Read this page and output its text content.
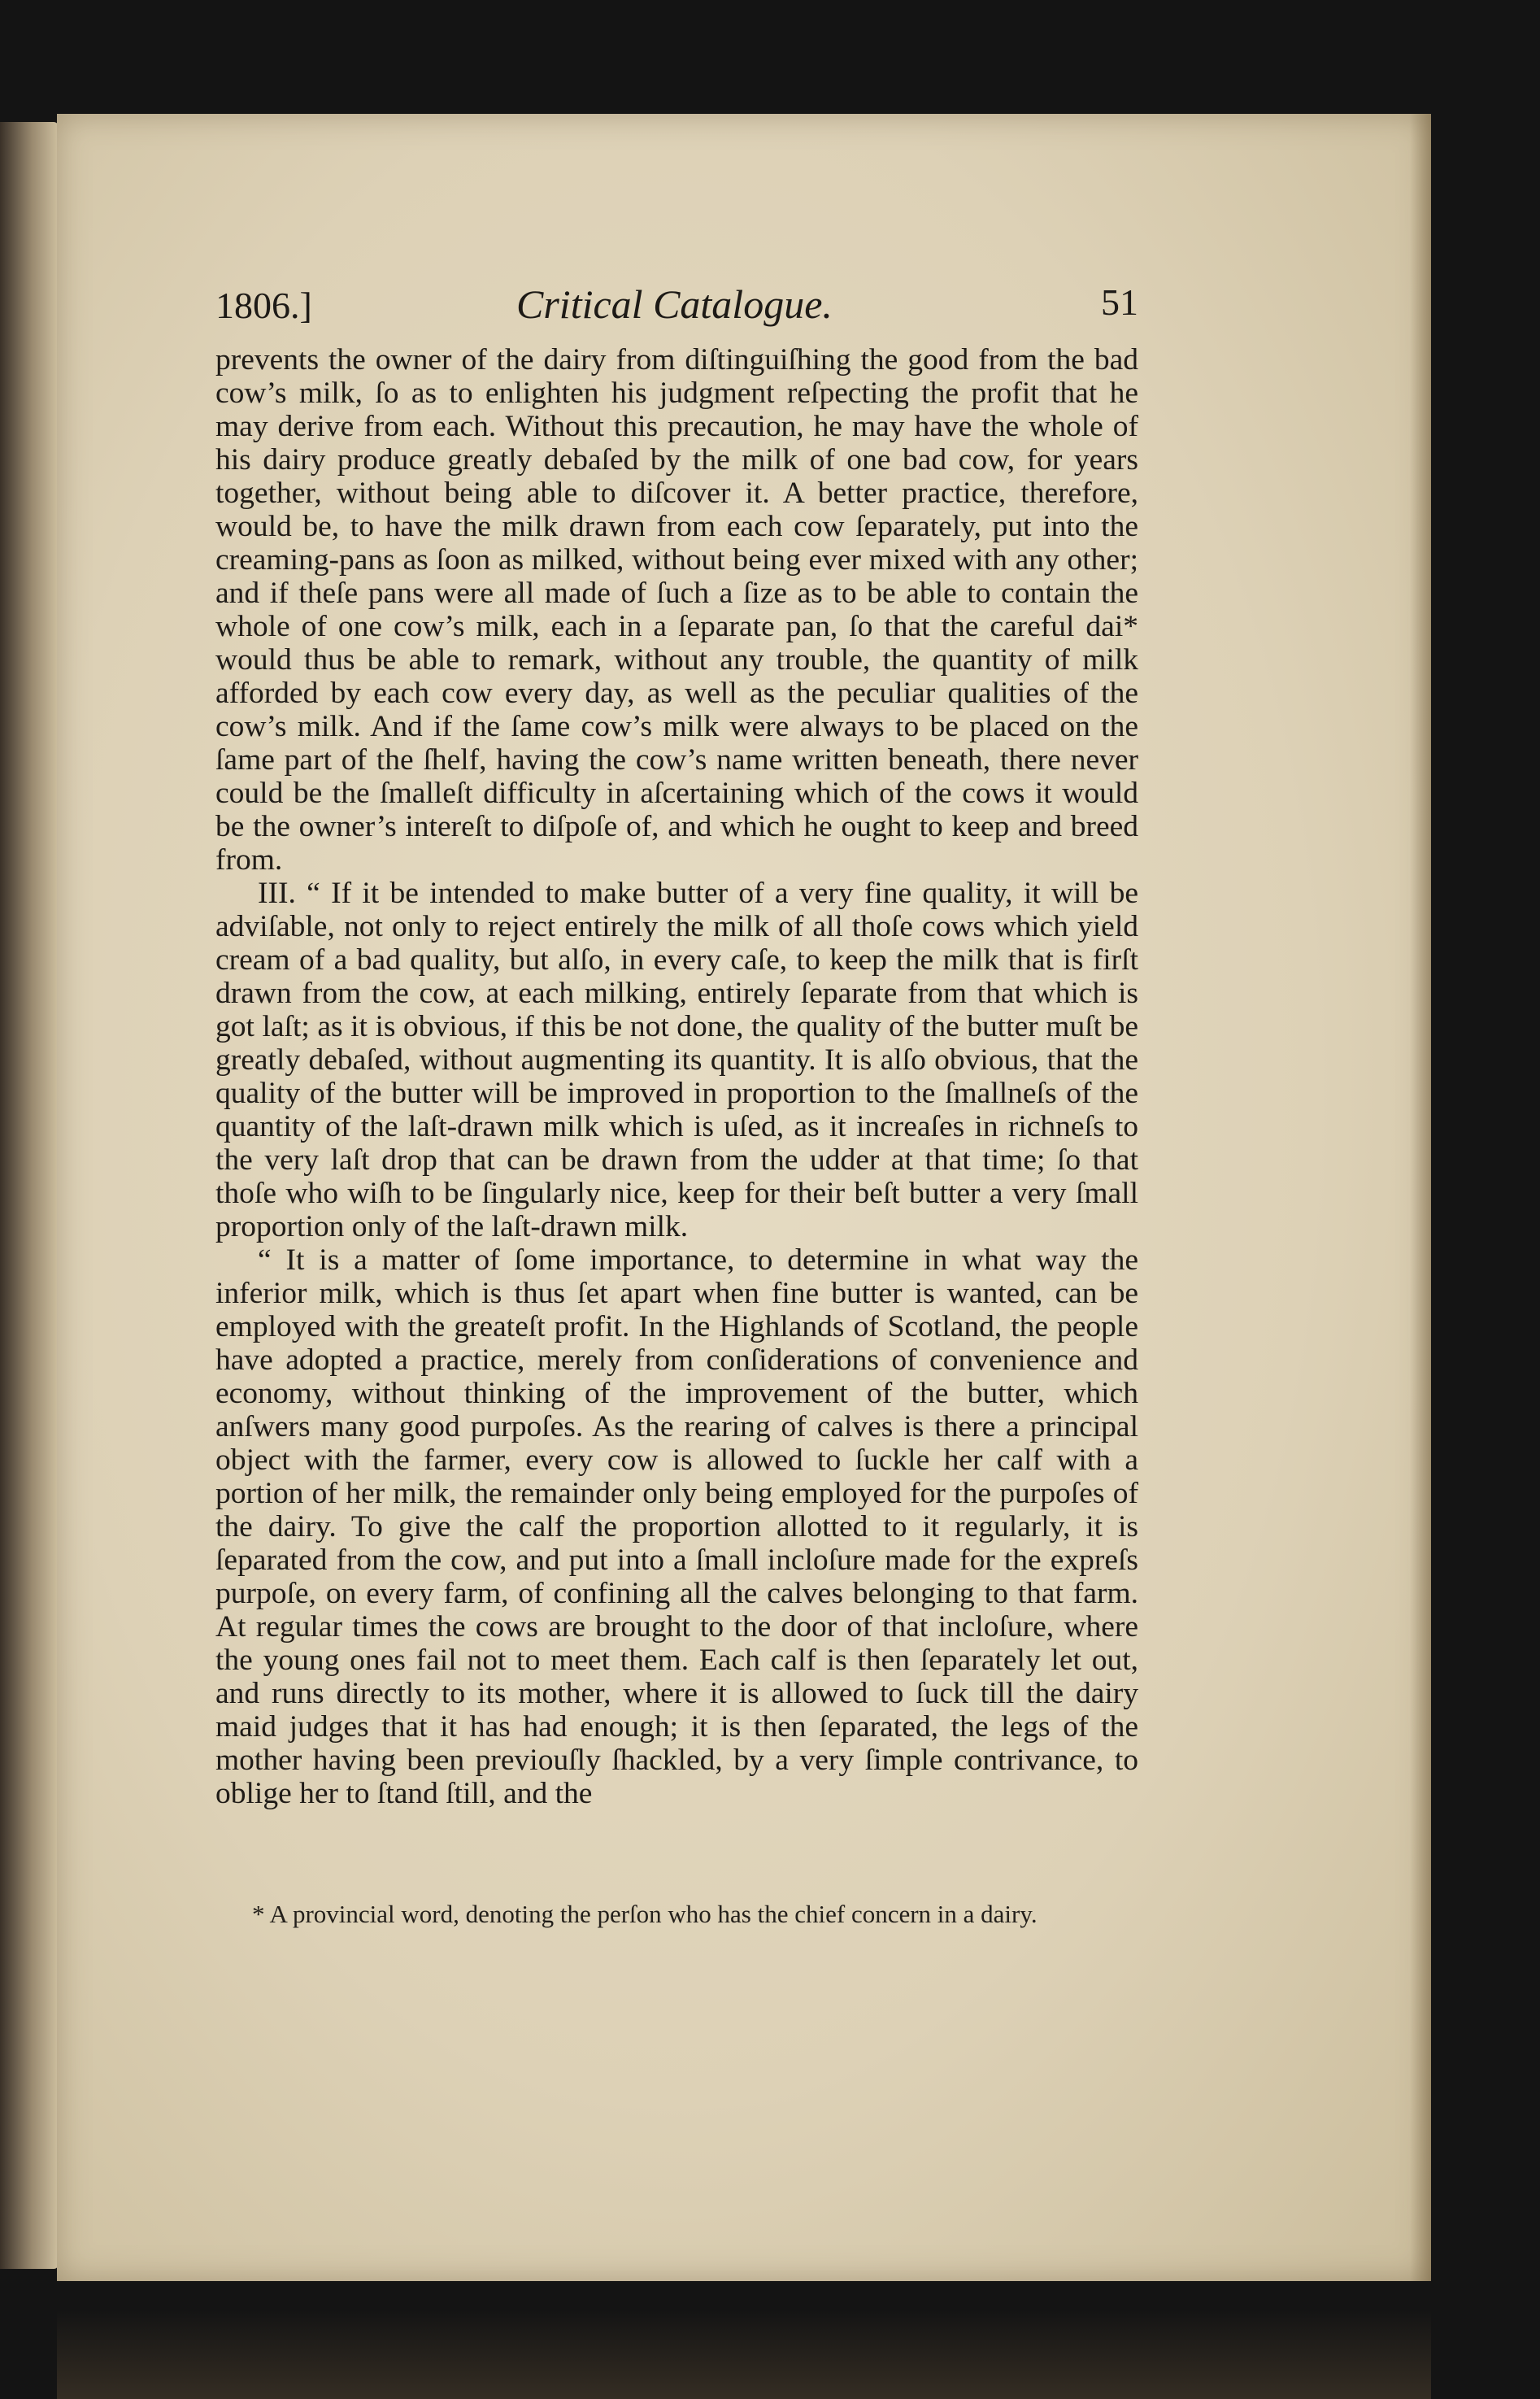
1806.]	Critical Catalogue.	51

prevents the owner of the dairy from diſtinguiſhing the good from the bad cow’s milk, ſo as to enlighten his judgment reſpecting the profit that he may derive from each. Without this precaution, he may have the whole of his dairy produce greatly debaſed by the milk of one bad cow, for years together, without being able to diſcover it. A better practice, therefore, would be, to have the milk drawn from each cow ſeparately, put into the creaming-pans as ſoon as milked, without being ever mixed with any other; and if theſe pans were all made of ſuch a ſize as to be able to contain the whole of one cow’s milk, each in a ſeparate pan, ſo that the careful dai* would thus be able to remark, without any trouble, the quantity of milk afforded by each cow every day, as well as the peculiar qualities of the cow’s milk. And if the ſame cow’s milk were always to be placed on the ſame part of the ſhelf, having the cow’s name written beneath, there never could be the ſmalleſt difficulty in aſcertaining which of the cows it would be the owner’s intereſt to diſpoſe of, and which he ought to keep and breed from.

III. “ If it be intended to make butter of a very fine quality, it will be adviſable, not only to reject entirely the milk of all thoſe cows which yield cream of a bad quality, but alſo, in every caſe, to keep the milk that is firſt drawn from the cow, at each milking, entirely ſeparate from that which is got laſt; as it is obvious, if this be not done, the quality of the butter muſt be greatly debaſed, without augmenting its quantity. It is alſo obvious, that the quality of the butter will be improved in proportion to the ſmallneſs of the quantity of the laſt-drawn milk which is uſed, as it increaſes in richneſs to the very laſt drop that can be drawn from the udder at that time; ſo that thoſe who wiſh to be ſingularly nice, keep for their beſt butter a very ſmall proportion only of the laſt-drawn milk.

“ It is a matter of ſome importance, to determine in what way the inferior milk, which is thus ſet apart when fine butter is wanted, can be employed with the greateſt profit. In the Highlands of Scotland, the people have adopted a practice, merely from conſiderations of convenience and economy, without thinking of the improvement of the butter, which anſwers many good purpoſes. As the rearing of calves is there a principal object with the farmer, every cow is allowed to ſuckle her calf with a portion of her milk, the remainder only being employed for the purpoſes of the dairy. To give the calf the proportion allotted to it regularly, it is ſeparated from the cow, and put into a ſmall incloſure made for the expreſs purpoſe, on every farm, of confining all the calves belonging to that farm. At regular times the cows are brought to the door of that incloſure, where the young ones fail not to meet them. Each calf is then ſeparately let out, and runs directly to its mother, where it is allowed to ſuck till the dairy maid judges that it has had enough; it is then ſeparated, the legs of the mother having been previouſly ſhackled, by a very ſimple contrivance, to oblige her to ſtand ſtill, and the

* A provincial word, denoting the perſon who has the chief concern in a dairy.
